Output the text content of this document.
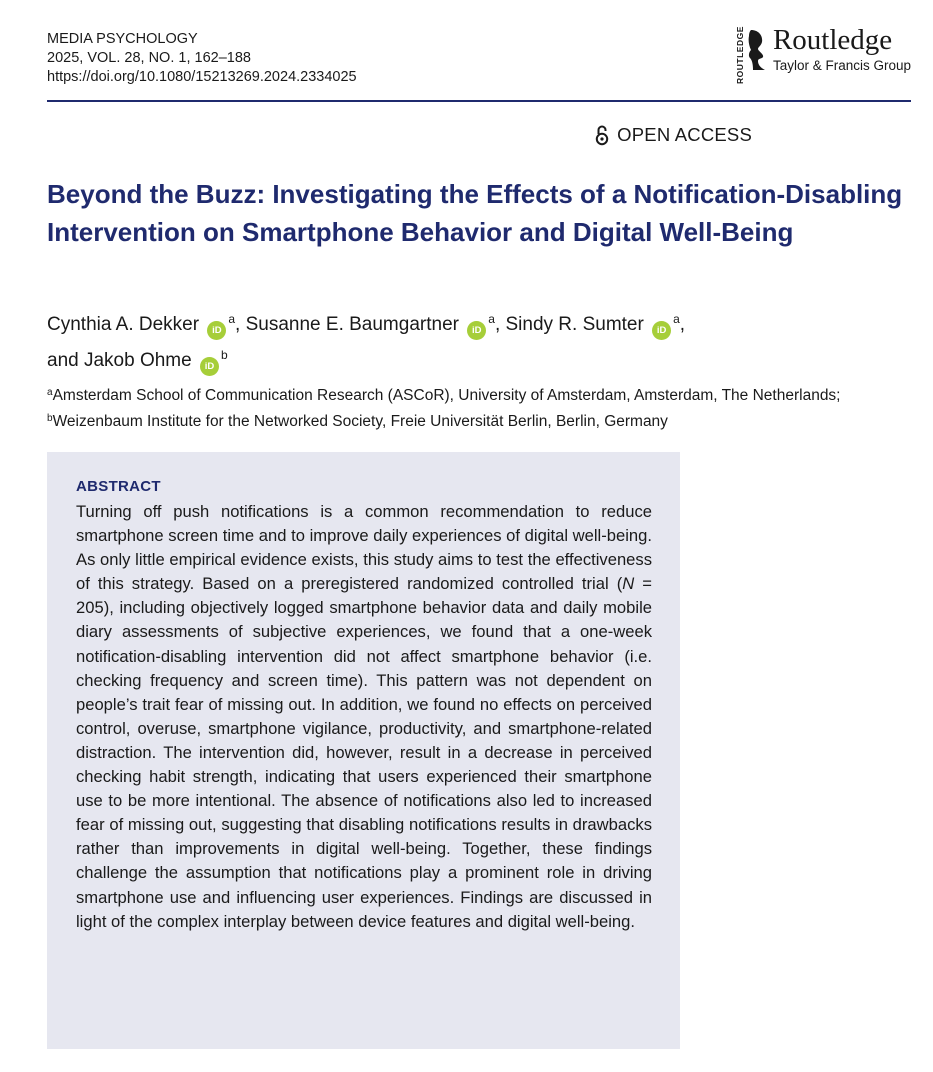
MEDIA PSYCHOLOGY
2025, VOL. 28, NO. 1, 162–188
https://doi.org/10.1080/15213269.2024.2334025	ROUTLEDGE Routledge
Taylor & Francis Group
OPEN ACCESS
Beyond the Buzz: Investigating the Effects of a Notification-Disabling Intervention on Smartphone Behavior and Digital Well-Being
Cynthia A. Dekker iD$^a$, Susanne E. Baumgartner iD$^a$, Sindy R. Sumter iD$^a$,
and Jakob Ohme iD$^b$
$^a$Amsterdam School of Communication Research (ASCoR), University of Amsterdam, Amsterdam, The Netherlands; $^b$Weizenbaum Institute for the Networked Society, Freie Universität Berlin, Berlin, Germany
ABSTRACT
Turning off push notifications is a common recommendation to reduce smartphone screen time and to improve daily experiences of digital well-being. As only little empirical evidence exists, this study aims to test the effectiveness of this strategy. Based on a preregistered randomized controlled trial (N = 205), including objectively logged smartphone behavior data and daily mobile diary assessments of subjective experiences, we found that a one-week notification-disabling intervention did not affect smartphone behavior (i.e. checking frequency and screen time). This pattern was not dependent on people’s trait fear of missing out. In addition, we found no effects on perceived control, overuse, smartphone vigilance, productivity, and smartphone-related distraction. The intervention did, however, result in a decrease in perceived checking habit strength, indicating that users experienced their smartphone use to be more intentional. The absence of notifications also led to increased fear of missing out, suggesting that disabling notifications results in drawbacks rather than improvements in digital well-being. Together, these findings challenge the assumption that notifications play a prominent role in driving smartphone use and influencing user experiences. Findings are discussed in light of the complex interplay between device features and digital well-being.
